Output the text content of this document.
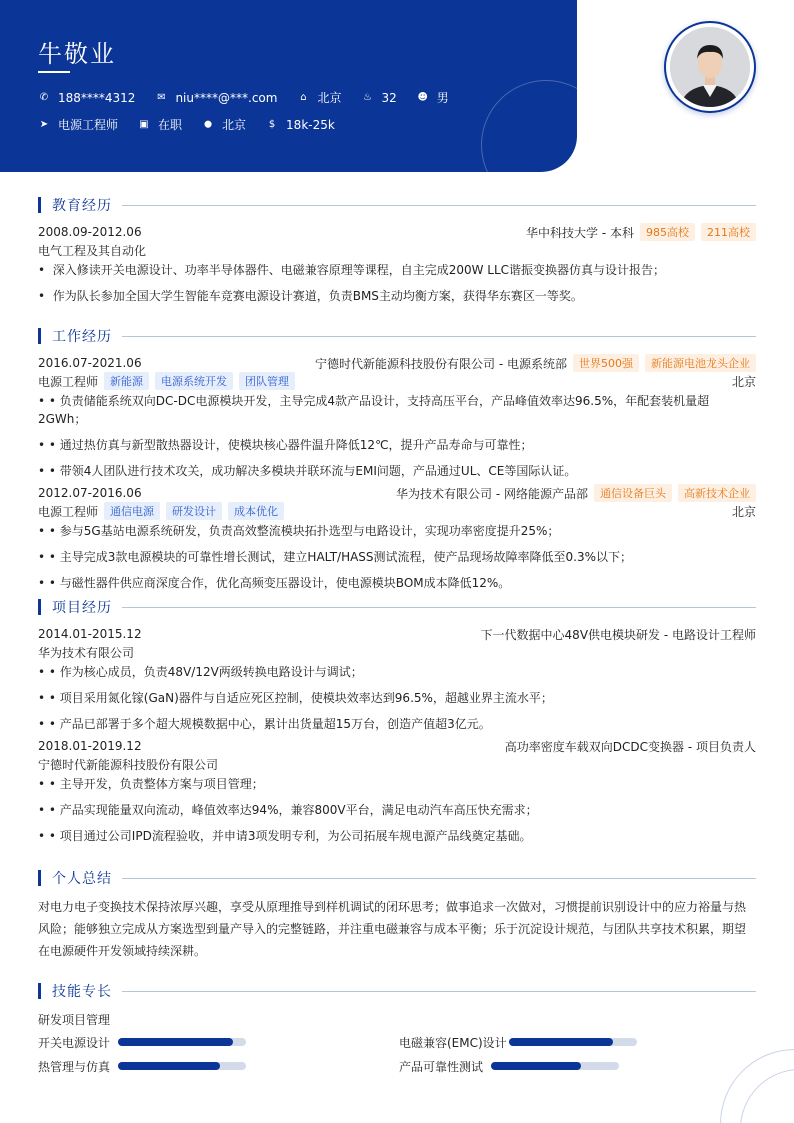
牛敬业
✆ 188****4312 ✉ niu****@***.com ⌂ 北京 ♨ 32 ☻ 男
➤ 电源工程师 ▣ 在职	⬤ 北京 $ 18k-25k
教育经历
2008.09-2012.06	华中科技大学 - 本科	985高校	211高校
电气工程及其自动化
•  深入修读开关电源设计、功率半导体器件、电磁兼容原理等课程，自主完成200W LLC谐振变换器仿真与设计报告；
•  作为队长参加全国大学生智能车竞赛电源设计赛道，负责BMS主动均衡方案，获得华东赛区一等奖。
工作经历
2016.07-2021.06	宁德时代新能源科技股份有限公司 - 电源系统部	世界500强	新能源电池龙头企业
电源工程师	新能源	电源系统开发	团队管理	北京
• • 负责储能系统双向DC-DC电源模块开发，主导完成4款产品设计，支持高压平台，产品峰值效率达96.5%，年配套装机量超2GWh；
• • 通过热仿真与新型散热器设计，使模块核心器件温升降低12℃，提升产品寿命与可靠性；
• • 带领4人团队进行技术攻关，成功解决多模块并联环流与EMI问题，产品通过UL、CE等国际认证。
2012.07-2016.06	华为技术有限公司 - 网络能源产品部	通信设备巨头	高新技术企业
电源工程师	通信电源	研发设计	成本优化	北京
• • 参与5G基站电源系统研发，负责高效整流模块拓扑选型与电路设计，实现功率密度提升25%；
• • 主导完成3款电源模块的可靠性增长测试，建立HALT/HASS测试流程，使产品现场故障率降低至0.3%以下；
• • 与磁性器件供应商深度合作，优化高频变压器设计，使电源模块BOM成本降低12%。
项目经历
2014.01-2015.12	下一代数据中心48V供电模块研发 - 电路设计工程师
华为技术有限公司
• • 作为核心成员，负责48V/12V两级转换电路设计与调试；
• • 项目采用氮化镓(GaN)器件与自适应死区控制，使模块效率达到96.5%，超越业界主流水平；
• • 产品已部署于多个超大规模数据中心，累计出货量超15万台，创造产值超3亿元。
2018.01-2019.12	高功率密度车载双向DCDC变换器 - 项目负责人
宁德时代新能源科技股份有限公司
• • 主导开发，负责整体方案与项目管理；
• • 产品实现能量双向流动，峰值效率达94%，兼容800V平台，满足电动汽车高压快充需求；
• • 项目通过公司IPD流程验收，并申请3项发明专利，为公司拓展车规电源产品线奠定基础。
个人总结
对电力电子变换技术保持浓厚兴趣，享受从原理推导到样机调试的闭环思考；做事追求一次做对，习惯提前识别设计中的应力裕量与热风险；能够独立完成从方案选型到量产导入的完整链路，并注重电磁兼容与成本平衡；乐于沉淀设计规范，与团队共享技术积累，期望在电源硬件开发领域持续深耕。
技能专长
研发项目管理
开关电源设计
热管理与仿真
电磁兼容(EMC)设计
产品可靠性测试
